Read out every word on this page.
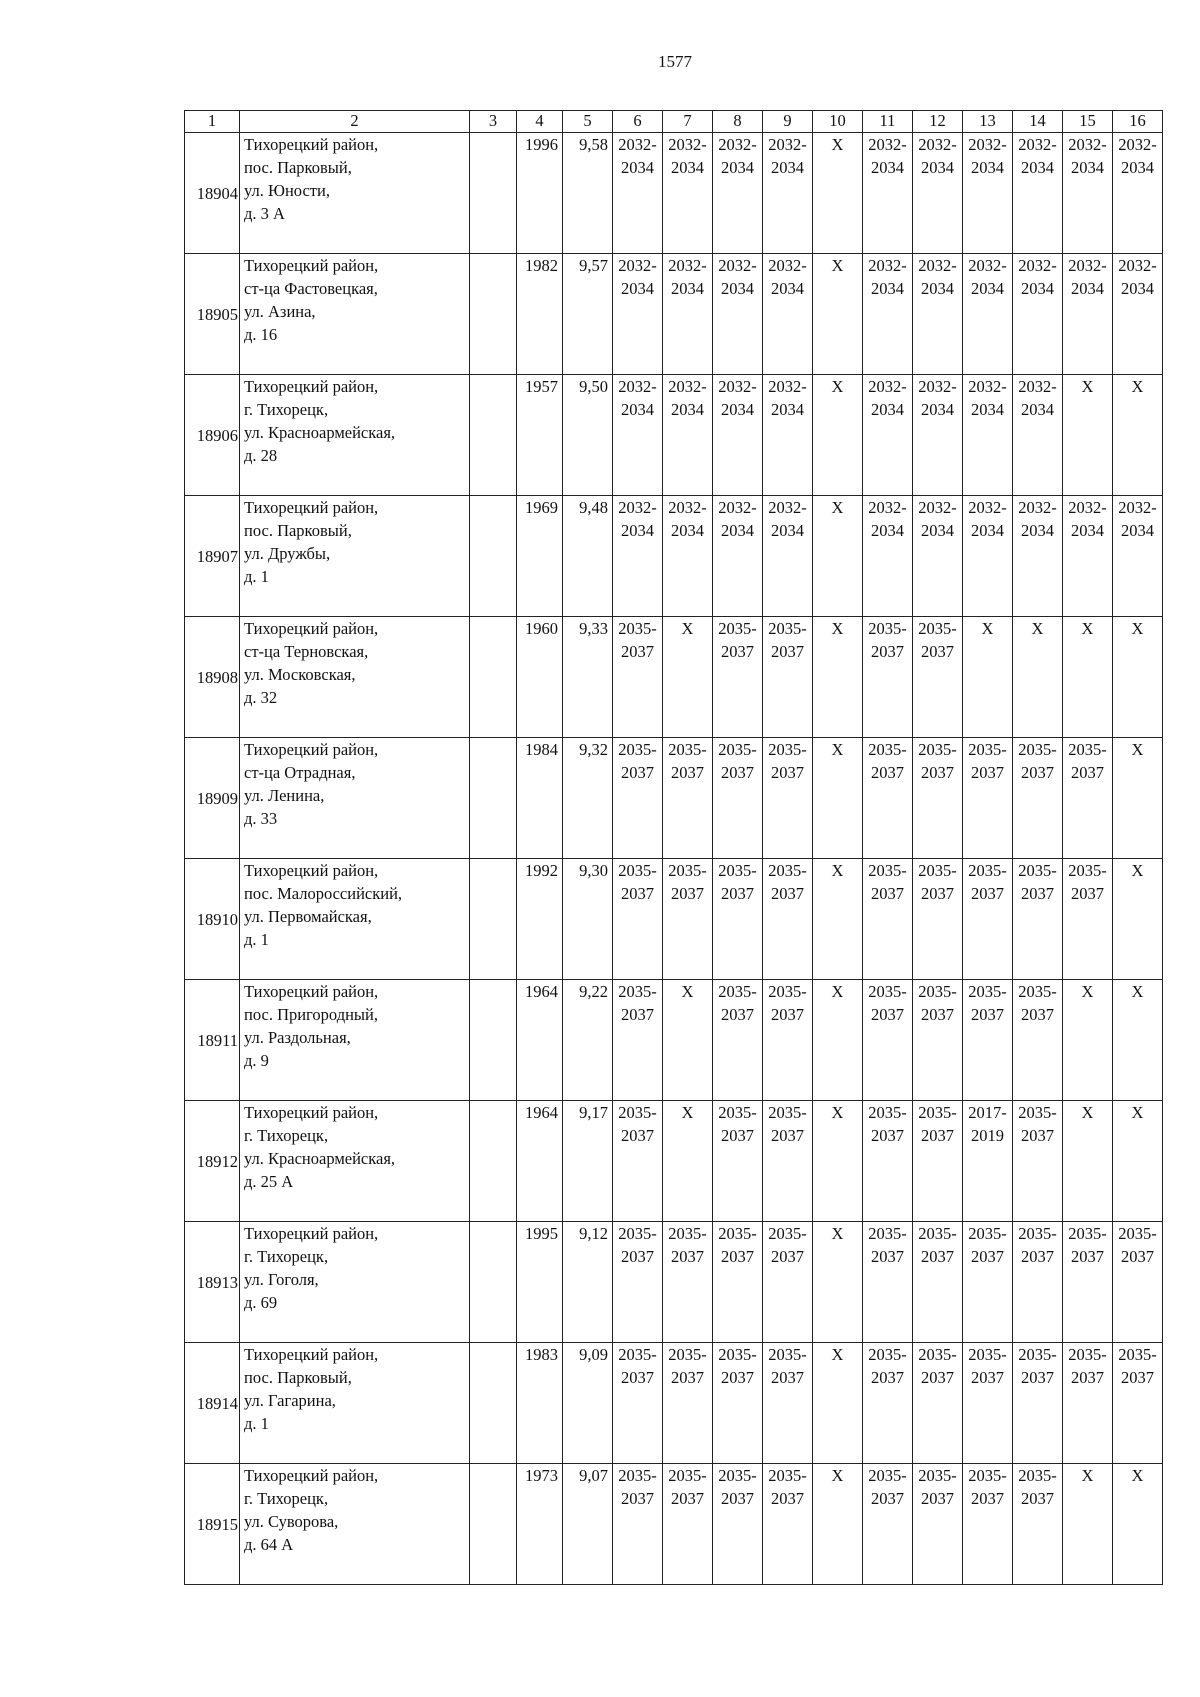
1577
1	2	3	4	5	6	7	8	9	10	11	12	13	14	15	16
18904	Тихорецкий район,
пос. Парковый,
ул. Юности,
д. 3 А		1996	9,58	2032-
2034	2032-
2034	2032-
2034	2032-
2034	X	2032-
2034	2032-
2034	2032-
2034	2032-
2034	2032-
2034	2032-
2034

18905	Тихорецкий район,
ст-ца Фастовецкая,
ул. Азина,
д. 16		1982	9,57	2032-
2034	2032-
2034	2032-
2034	2032-
2034	X	2032-
2034	2032-
2034	2032-
2034	2032-
2034	2032-
2034	2032-
2034

18906	Тихорецкий район,
г. Тихорецк,
ул. Красноармейская,
д. 28		1957	9,50	2032-
2034	2032-
2034	2032-
2034	2032-
2034	X	2032-
2034	2032-
2034	2032-
2034	2032-
2034	X	X

18907	Тихорецкий район,
пос. Парковый,
ул. Дружбы,
д. 1		1969	9,48	2032-
2034	2032-
2034	2032-
2034	2032-
2034	X	2032-
2034	2032-
2034	2032-
2034	2032-
2034	2032-
2034	2032-
2034

18908	Тихорецкий район,
ст-ца Терновская,
ул. Московская,
д. 32		1960	9,33	2035-
2037	X	2035-
2037	2035-
2037	X	2035-
2037	2035-
2037	X	X	X	X

18909	Тихорецкий район,
ст-ца Отрадная,
ул. Ленина,
д. 33		1984	9,32	2035-
2037	2035-
2037	2035-
2037	2035-
2037	X	2035-
2037	2035-
2037	2035-
2037	2035-
2037	2035-
2037	X

18910	Тихорецкий район,
пос. Малороссийский,
ул. Первомайская,
д. 1		1992	9,30	2035-
2037	2035-
2037	2035-
2037	2035-
2037	X	2035-
2037	2035-
2037	2035-
2037	2035-
2037	2035-
2037	X

18911	Тихорецкий район,
пос. Пригородный,
ул. Раздольная,
д. 9		1964	9,22	2035-
2037	X	2035-
2037	2035-
2037	X	2035-
2037	2035-
2037	2035-
2037	2035-
2037	X	X

18912	Тихорецкий район,
г. Тихорецк,
ул. Красноармейская,
д. 25 А		1964	9,17	2035-
2037	X	2035-
2037	2035-
2037	X	2035-
2037	2035-
2037	2017-
2019	2035-
2037	X	X

18913	Тихорецкий район,
г. Тихорецк,
ул. Гоголя,
д. 69		1995	9,12	2035-
2037	2035-
2037	2035-
2037	2035-
2037	X	2035-
2037	2035-
2037	2035-
2037	2035-
2037	2035-
2037	2035-
2037

18914	Тихорецкий район,
пос. Парковый,
ул. Гагарина,
д. 1		1983	9,09	2035-
2037	2035-
2037	2035-
2037	2035-
2037	X	2035-
2037	2035-
2037	2035-
2037	2035-
2037	2035-
2037	2035-
2037

18915	Тихорецкий район,
г. Тихорецк,
ул. Суворова,
д. 64 А		1973	9,07	2035-
2037	2035-
2037	2035-
2037	2035-
2037	X	2035-
2037	2035-
2037	2035-
2037	2035-
2037	X	X
